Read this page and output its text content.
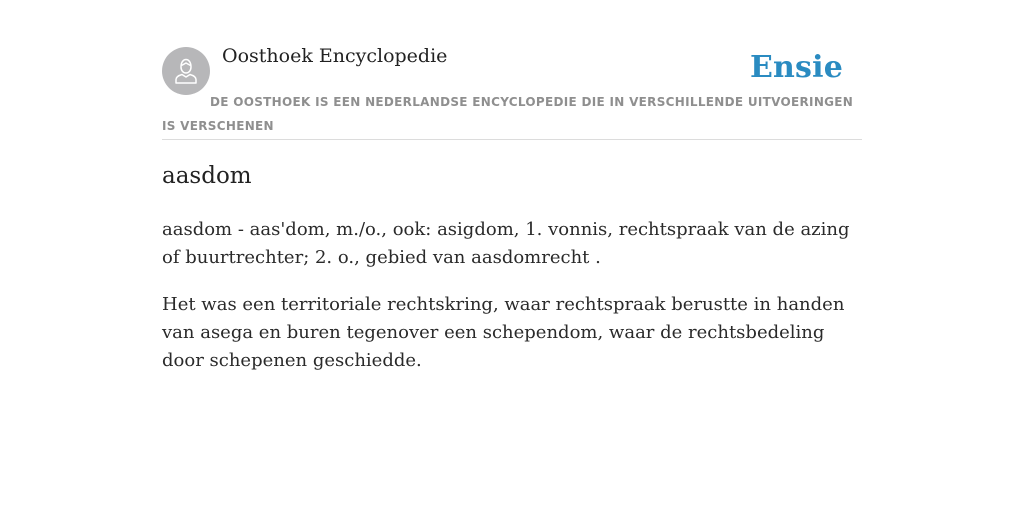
Oosthoek Encyclopedie	Ensie

DE OOSTHOEK IS EEN NEDERLANDSE ENCYCLOPEDIE DIE IN VERSCHILLENDE UITVOERINGEN IS VERSCHENEN

aasdom

aasdom - aas'dom, m./o., ook: asigdom, 1. vonnis, rechtspraak van de azing of buurtrechter; 2. o., gebied van aasdomrecht .

Het was een territoriale rechtskring, waar rechtspraak berustte in handen van asega en buren tegenover een schependom, waar de rechtsbedeling door schepenen geschiedde.
